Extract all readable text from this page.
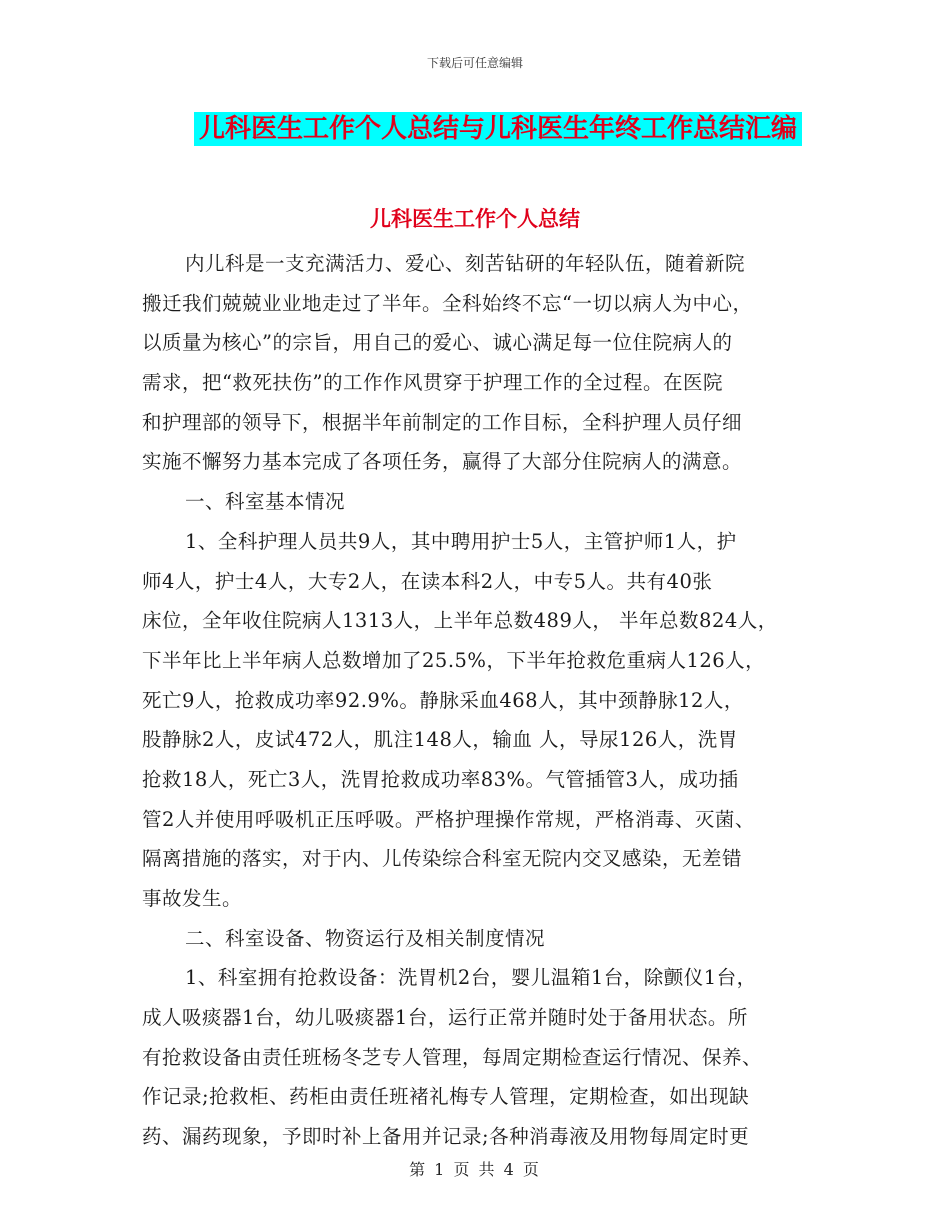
下载后可任意编辑
儿科医生工作个人总结与儿科医生年终工作总结汇编
儿科医生工作个人总结
内儿科是一支充满活力、爱心、刻苦钻研的年轻队伍，随着新院
搬迁我们兢兢业业地走过了半年。全科始终不忘“一切以病人为中心，
以质量为核心”的宗旨，用自己的爱心、诚心满足每一位住院病人的
需求，把“救死扶伤”的工作作风贯穿于护理工作的全过程。在医院
和护理部的领导下，根据半年前制定的工作目标，全科护理人员仔细
实施不懈努力基本完成了各项任务，赢得了大部分住院病人的满意。
一、科室基本情况
1、全科护理人员共9人，其中聘用护士5人，主管护师1人，护
师4人，护士4人，大专2人，在读本科2人，中专5人。共有40张
床位，全年收住院病人1313人，上半年总数489人， 半年总数824人，
下半年比上半年病人总数增加了25.5%，下半年抢救危重病人126人，
死亡9人，抢救成功率92.9%。静脉采血468人，其中颈静脉12人，
股静脉2人，皮试472人，肌注148人，输血 人，导尿126人，洗胃
抢救18人，死亡3人，洗胃抢救成功率83%。气管插管3人，成功插
管2人并使用呼吸机正压呼吸。严格护理操作常规，严格消毒、灭菌、
隔离措施的落实，对于内、儿传染综合科室无院内交叉感染，无差错
事故发生。
二、科室设备、物资运行及相关制度情况
1、科室拥有抢救设备：洗胃机2台，婴儿温箱1台，除颤仪1台，
成人吸痰器1台，幼儿吸痰器1台，运行正常并随时处于备用状态。所
有抢救设备由责任班杨冬芝专人管理，每周定期检查运行情况、保养、
作记录;抢救柜、药柜由责任班褚礼梅专人管理，定期检查，如出现缺
药、漏药现象，予即时补上备用并记录;各种消毒液及用物每周定时更
第 1 页 共 4 页
